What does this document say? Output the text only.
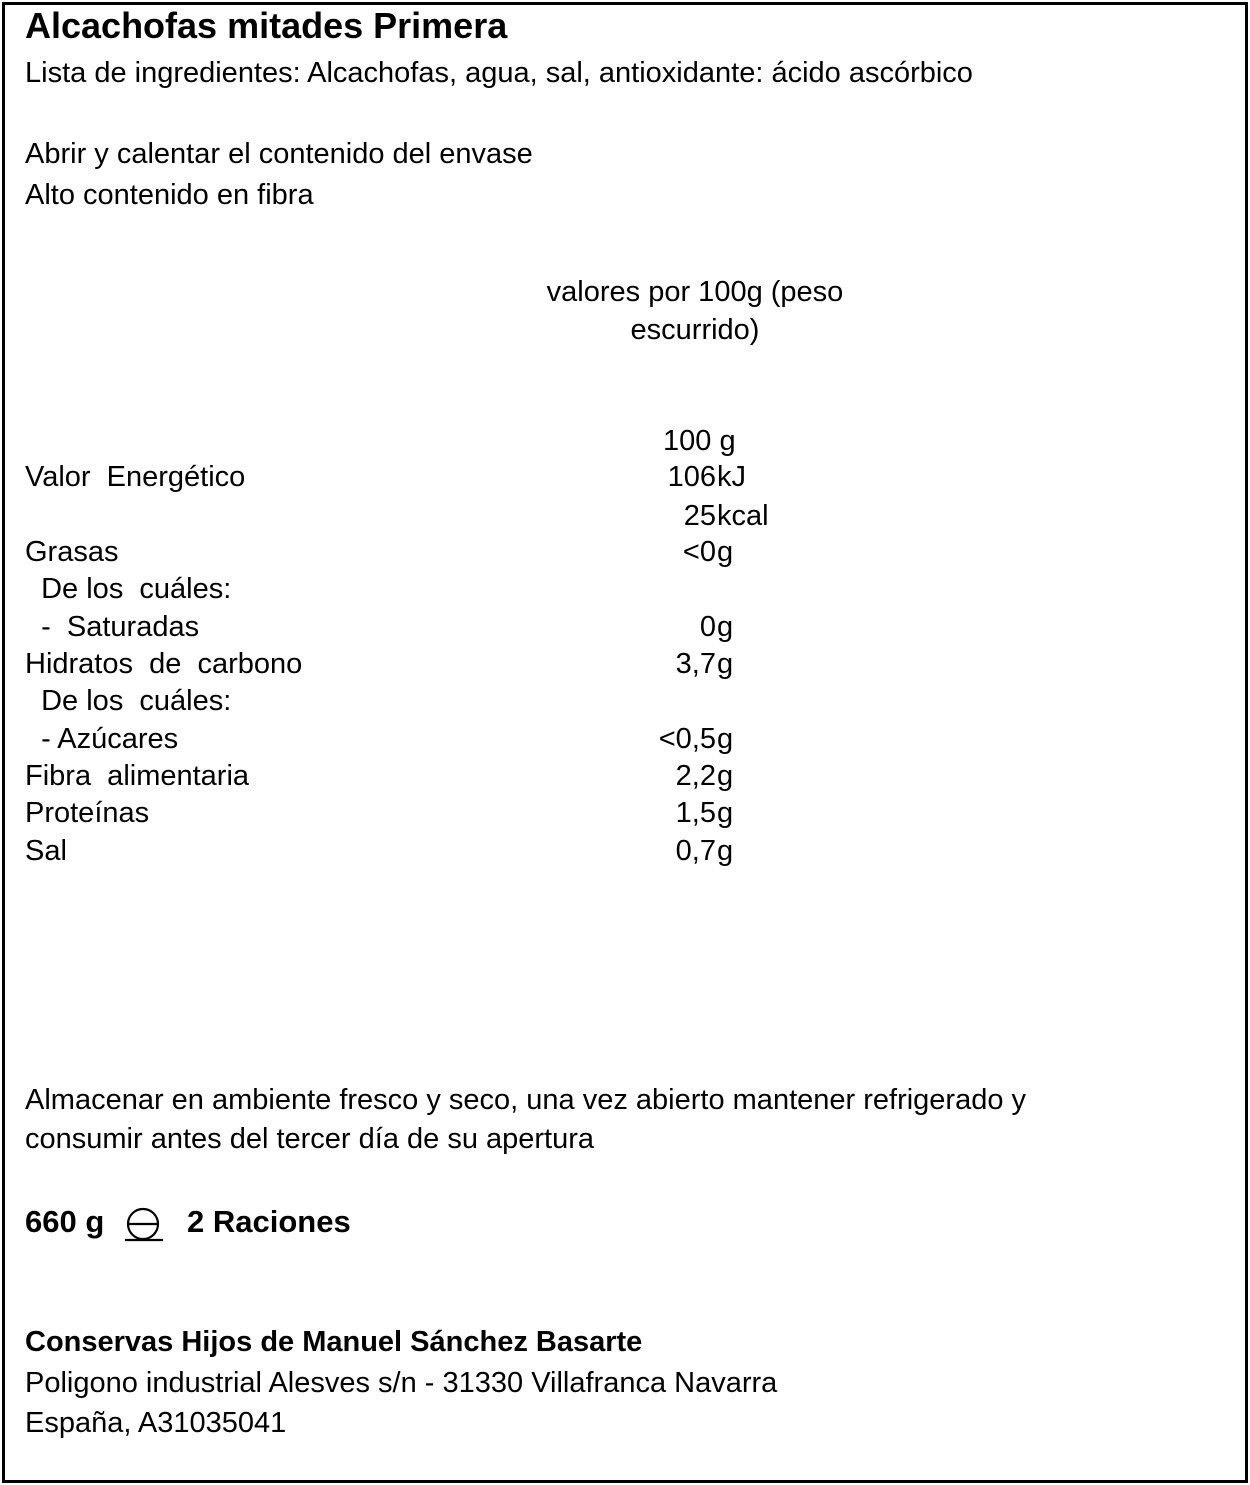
Alcachofas mitades Primera
Lista de ingredientes: Alcachofas, agua, sal, antioxidante: ácido ascórbico
Abrir y calentar el contenido del envase
Alto contenido en fibra
valores por 100g (peso
escurrido)
100 g
Valor  Energético	106 kJ
25 kcal
Grasas	<0 g
De los  cuáles:
-  Saturadas	0 g
Hidratos  de  carbono	3,7 g
De los  cuáles:
- Azúcares	<0,5 g
Fibra  alimentaria	2,2 g
Proteínas	1,5 g
Sal	0,7 g
Almacenar en ambiente fresco y seco, una vez abierto mantener refrigerado y
consumir antes del tercer día de su apertura
660 g	2 Raciones
Conservas Hijos de Manuel Sánchez Basarte
Poligono industrial Alesves s/n - 31330 Villafranca Navarra
España, A31035041
